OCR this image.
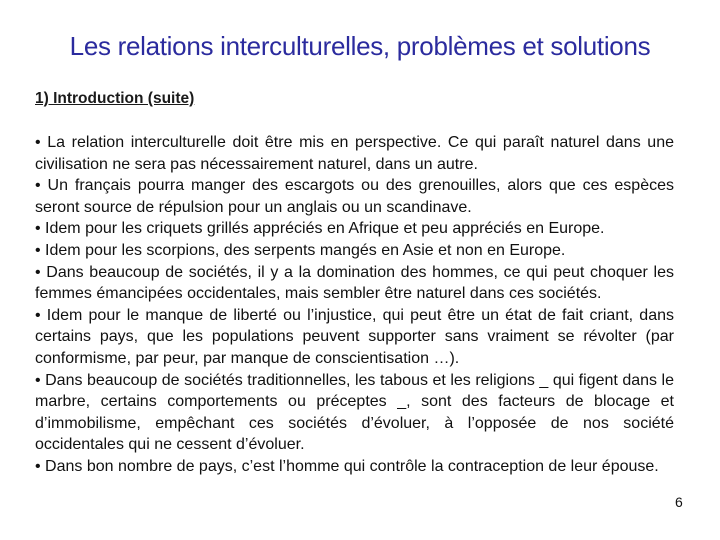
Les relations interculturelles, problèmes et solutions
1) Introduction (suite)

• La relation interculturelle doit être mis en perspective. Ce qui paraît naturel dans une civilisation ne sera pas nécessairement naturel, dans un autre.

• Un français pourra manger des escargots ou des grenouilles, alors que ces espèces seront source de répulsion pour un anglais ou un scandinave.

• Idem pour les criquets grillés appréciés en Afrique et peu appréciés en Europe.

• Idem pour les scorpions, des serpents mangés en Asie et non en Europe.

• Dans beaucoup de sociétés, il y a la domination des hommes, ce qui peut choquer les femmes émancipées occidentales, mais sembler être naturel dans ces sociétés.

• Idem pour le manque de liberté ou l’injustice, qui peut être un état de fait criant, dans certains pays, que les populations peuvent supporter sans vraiment se révolter (par conformisme, par peur, par manque de conscientisation …).

• Dans beaucoup de sociétés traditionnelles, les tabous et les religions _ qui figent dans le marbre, certains comportements ou préceptes _, sont des facteurs de blocage et d’immobilisme, empêchant ces sociétés d’évoluer, à l’opposée de nos société occidentales qui ne cessent d’évoluer.

• Dans bon nombre de pays, c’est l’homme qui contrôle la contraception de leur épouse.

6
